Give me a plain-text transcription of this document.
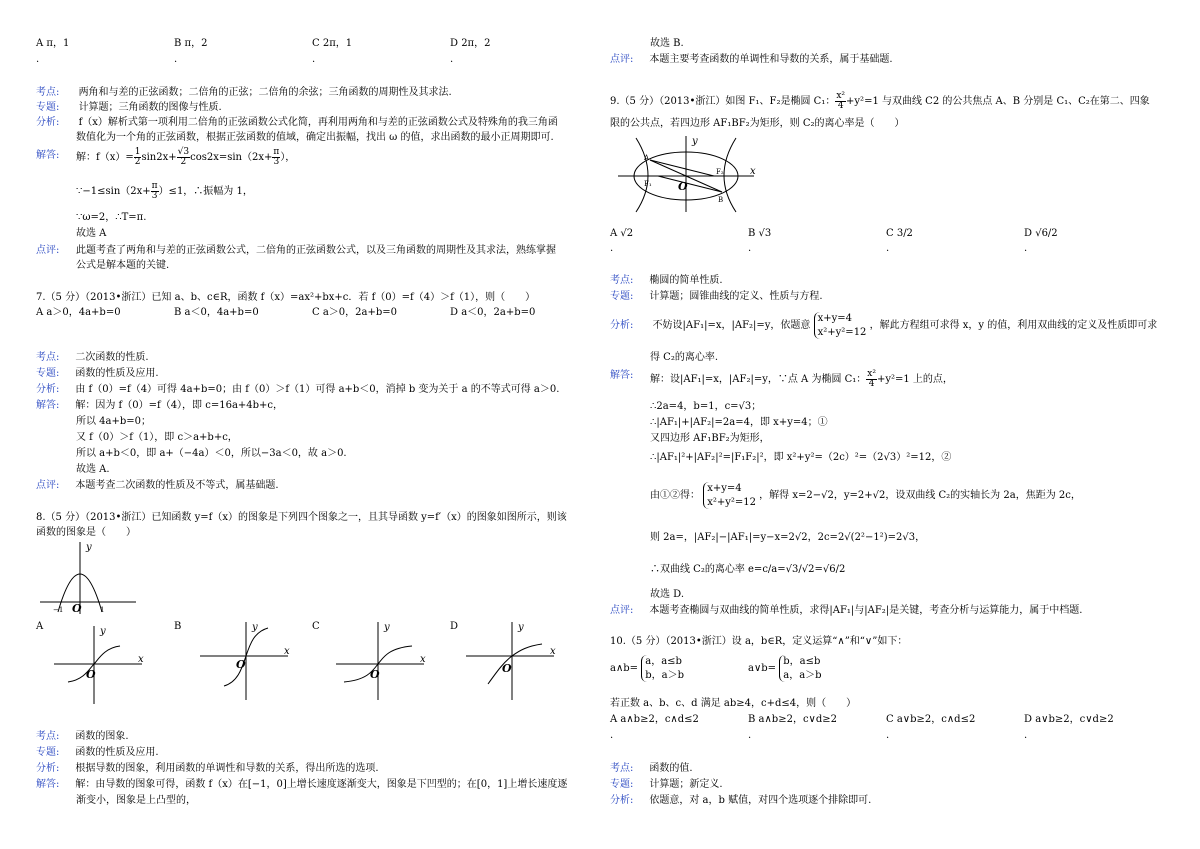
A π，1	B π，2	C 2π，1	D 2π，2
.	.	.	.
考点: 两角和与差的正弦函数；二倍角的正弦；二倍角的余弦；三角函数的周期性及其求法.
专题: 计算题；三角函数的图像与性质.
分析: f（x）解析式第一项利用二倍角的正弦函数公式化简，再利用两角和与差的正弦函数公式及特殊角的我三角函
数值化为一个角的正弦函数，根据正弦函数的值域，确定出振幅，找出 ω 的值，求出函数的最小正周期即可.
解答: 解：$f(x)= \frac{1}{2} \sin 2x+ \frac{√3}{2} \cos 2x=\sin(2x+ \frac{\pi}{3}$ ），
∵−1≤sin（2x+ $\frac{\pi}{3} )\le 1$，∴振幅为 1，
∵ω=2，∴T=π.
故选 A
点评:	此题考查了两角和与差的正弦函数公式，二倍角的正弦函数公式，以及三角函数的周期性及其求法，熟练掌握
公式是解本题的关键.
7.（5 分）（2013•浙江）已知 a、b、c∈R，函数 f（x）=ax²+bx+c．若 f（0）=f（4）＞f（1），则（　　）
A a＞0，4a+b=0	B a＜0，4a+b=0	C a＞0，2a+b=0	D a＜0，2a+b=0
考点: 二次函数的性质.
专题: 函数的性质及应用.
分析: 由 f（0）=f（4）可得 4a+b=0；由 f（0）＞f（1）可得 a+b＜0，消掉 b 变为关于 a 的不等式可得 a＞0.
解答: 解：因为 f（0）=f（4），即 c=16a+4b+c，
所以 4a+b=0；
又 f（0）＞f（1），即 c＞a+b+c，
所以 a+b＜0，即 a+（−4a）＜0，所以−3a＜0，故 a＞0.
故选 A.
点评: 本题考查二次函数的性质及不等式，属基础题.
8.（5 分）（2013•浙江）已知函数 y=f（x）的图象是下列四个图象之一，且其导函数 y=f′（x）的图象如图所示，则该
函数的图象是（　　）
y
O
−1	1
A	B	C	D
y
x
O
y
x
O
y
x
O
y
x
O
考点: 函数的图象.
专题: 函数的性质及应用.
分析: 根据导数的图象，利用函数的单调性和导数的关系，得出所选的选项.
解答: 解：由导数的图象可得，函数 f（x）在[−1，0]上增长速度逐渐变大，图象是下凹型的；在[0，1]上增长速度逐
渐变小，图象是上凸型的，
故选 B.
点评: 本题主要考查函数的单调性和导数的关系，属于基础题.
9.（5 分）（2013•浙江）如图 F₁、F₂是椭圆 C₁： $\frac{\text{x²}}{4} +y^2=1$ 与双曲线 C2 的公共焦点 A、B 分别是 C₁、C₂在第二、四象
限的公共点，若四边形 AF₁BF₂为矩形，则 C₂的离心率是（　　）
y
x
O
A
B
F₁
F₂
A √2	B √3	C 3/2	D √6/2
.	.	.	.
考点: 椭圆的简单性质.
专题: 计算题；圆锥曲线的定义、性质与方程.
分析: 不妨设|AF₁|=x，|AF₂|=y，依题意
x+y=4
x²+y²=12
，解此方程组可求得 x，y 的值，利用双曲线的定义及性质即可求
得 C₂的离心率.
解答: 解：设|AF₁|=x，|AF₂|=y，∵点 A 为椭圆 C₁： $\frac{\text{x²}}{4} +y^2=1$ 上的点，
∴2a=4，b=1，c=√3；
∴|AF₁|+|AF₂|=2a=4，即 x+y=4；①
又四边形 AF₁BF₂为矩形，
∴|AF₁|²+|AF₂|²=|F₁F₂|²，即 x²+y²=（2c）²=（2√3）²=12，②
由①②得：
x+y=4
x²+y²=12
，解得 x=2−√2，y=2+√2，设双曲线 C₂的实轴长为 2a，焦距为 2c，
则 2a=，|AF₂|−|AF₁|=y−x=2√2，2c=2√(2²−1²)=2√3，
∴双曲线 C₂的离心率 e=c/a=√3/√2=√6/2
故选 D.
点评: 本题考查椭圆与双曲线的简单性质，求得|AF₁|与|AF₂|是关键，考查分析与运算能力，属于中档题.
10.（5 分）（2013•浙江）设 a，b∈R，定义运算“∧”和“∨”如下：
a∧b=
a，a≤b
b，a＞b
a∨b=
b，a≤b
a，a＞b
若正数 a、b、c、d 满足 ab≥4，c+d≤4，则（　　）
A a∧b≥2，c∧d≤2	B a∧b≥2，c∨d≥2	C a∨b≥2，c∧d≤2	D a∨b≥2，c∨d≥2
.	.	.	.
考点: 函数的值.
专题: 计算题；新定义.
分析: 依题意，对 a，b 赋值，对四个选项逐个排除即可.
